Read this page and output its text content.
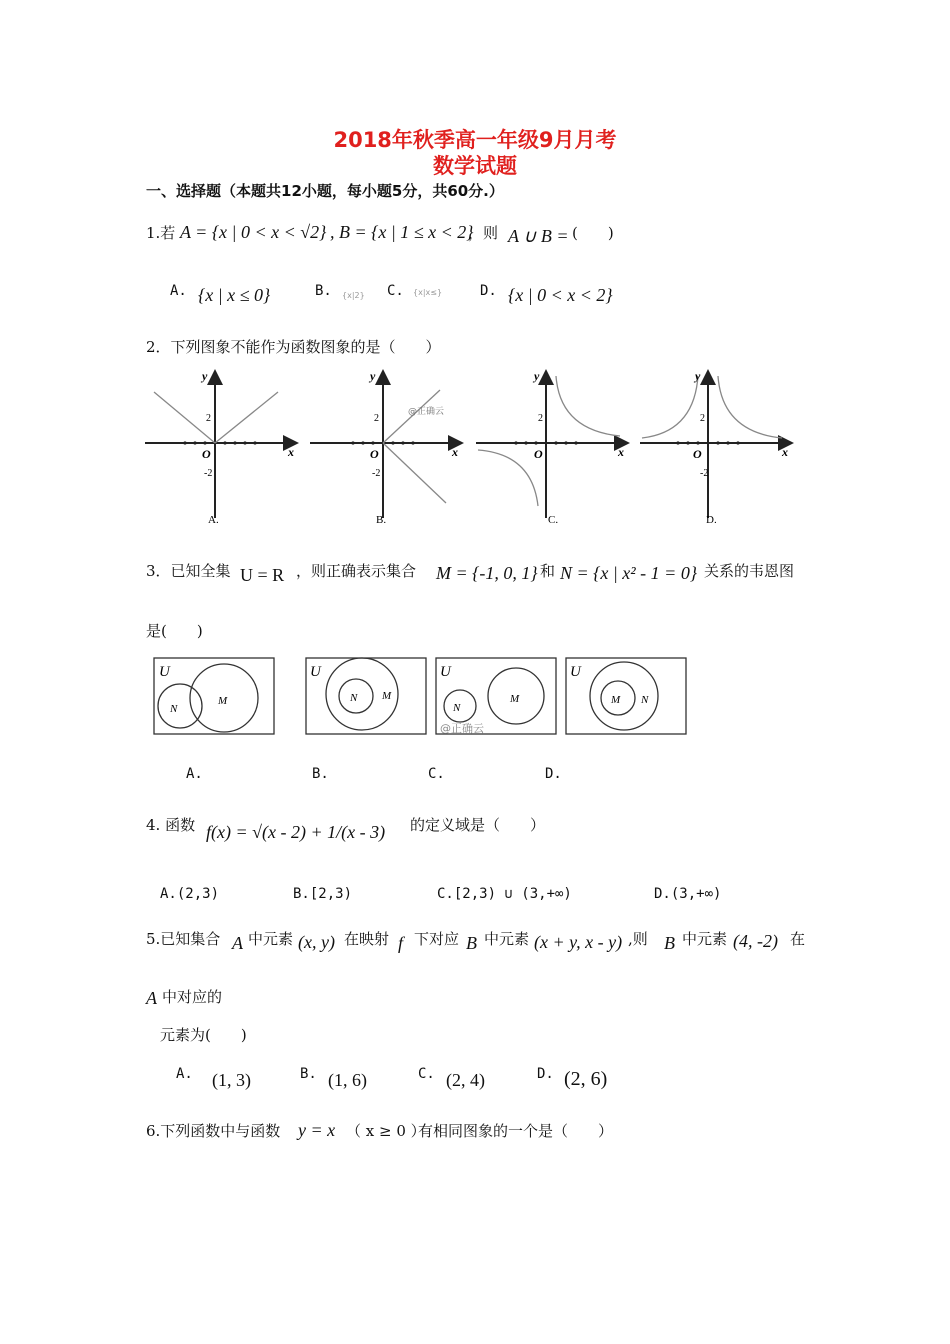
2018年秋季高一年级9月月考
数学试题
一、选择题（本题共12小题，每小题5分，共60分.）
1.若 A = {x | 0 < x < √2} , B = {x | 1 ≤ x < 2}
，则 A ∪ B = (　　)
A. {x | x ≤ 0}	B. {x|2} C. {x|x≤}	D. {x | 0 < x < 2}
2．下列图象不能作为函数图象的是（　　）
y
x
O
2
-2
A.
y
x
O
2
-2
B.
@正确云
y
x
O
2
C.
y
x
O
2
-2
D.
3．已知全集 U = R ，则正确表示集合 M = {-1, 0, 1} 和 N = {x | x² - 1 = 0} 关系的韦恩图
是(　　)
U
M
N
U
N M
U
M
N
@正确云
U
M N
A.	B.	C.	D.
4. 函数 f(x) = √(x - 2) + 1/(x - 3) 的定义域是（　　）
A.(2,3)	B.[2,3)	C.[2,3) ∪ (3,+∞)	D.(3,+∞)
5.已知集合 A 中元素 (x, y) 在映射 f 下对应 B 中元素 (x + y, x - y) ,则 B 中元素 (4, -2) 在
A 中对应的
元素为(　　)
A. (1, 3)	B. (1, 6)	C. (2, 4)	D. (2, 6)
6.下列函数中与函数 y = x （ x ≥ 0 ）
有相同图象的一个是（　　）
